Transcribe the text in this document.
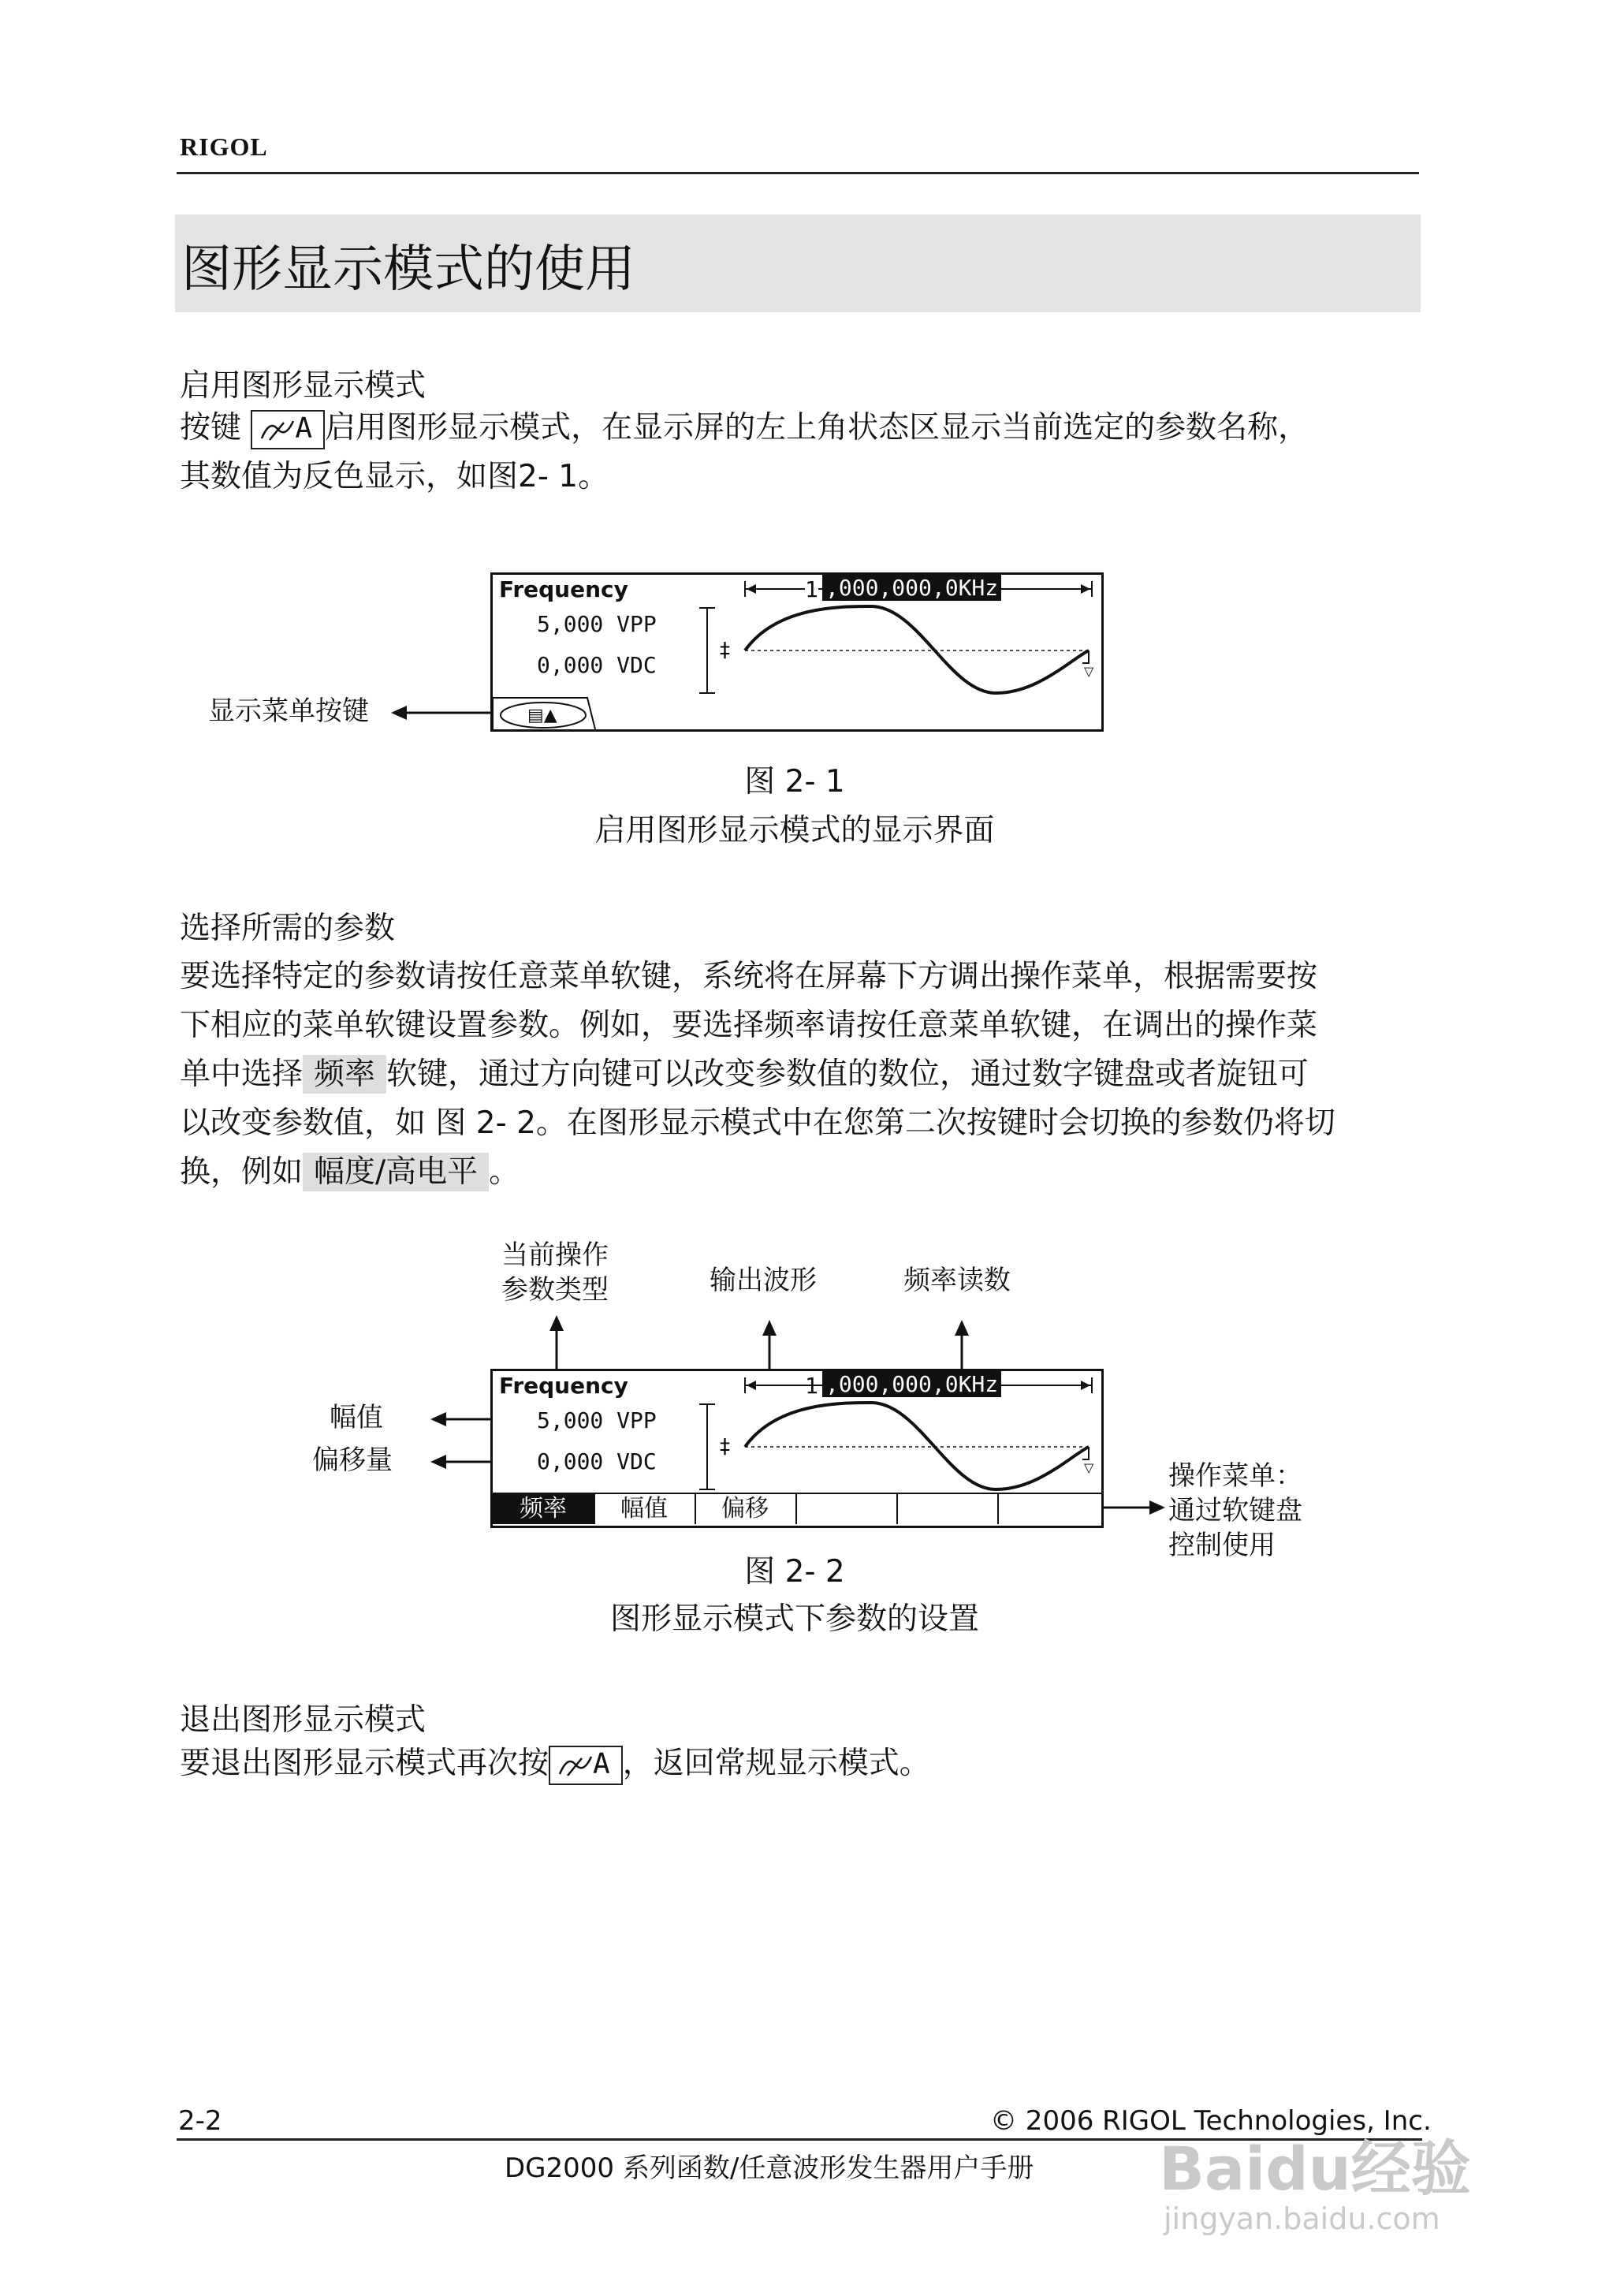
RIGOL
图形显示模式的使用
启用图形显示模式
按键 A 启用图形显示模式，在显示屏的左上角状态区显示当前选定的参数名称，
其数值为反色显示，如图2- 1。
‡
▽
Frequency	1 ,000,000,0KHz
5,000 VPP
0,000 VDC
▤▲
显示菜单按键
图 2- 1
启用图形显示模式的显示界面
选择所需的参数
要选择特定的参数请按任意菜单软键，系统将在屏幕下方调出操作菜单，根据需要按
下相应的菜单软键设置参数。例如，要选择频率请按任意菜单软键，在调出的操作菜
单中选择 频率 软键，通过方向键可以改变参数值的数位，通过数字键盘或者旋钮可
以改变参数值，如 图 2- 2。在图形显示模式中在您第二次按键时会切换的参数仍将切
换，例如 幅度/高电平 。
当前操作
参数类型	输出波形	频率读数
幅值
偏移量	操作菜单：
通过软键盘
控制使用
‡
▽
Frequency	1 ,000,000,0KHz
5,000 VPP
0,000 VDC
频率	幅值	偏移
图 2- 2
图形显示模式下参数的设置
退出图形显示模式
要退出图形显示模式再次按 A ，返回常规显示模式。
2-2	© 2006 RIGOL Technologies, Inc.
DG2000 系列函数/任意波形发生器用户手册 Baidu经验
jingyan.baidu.com
